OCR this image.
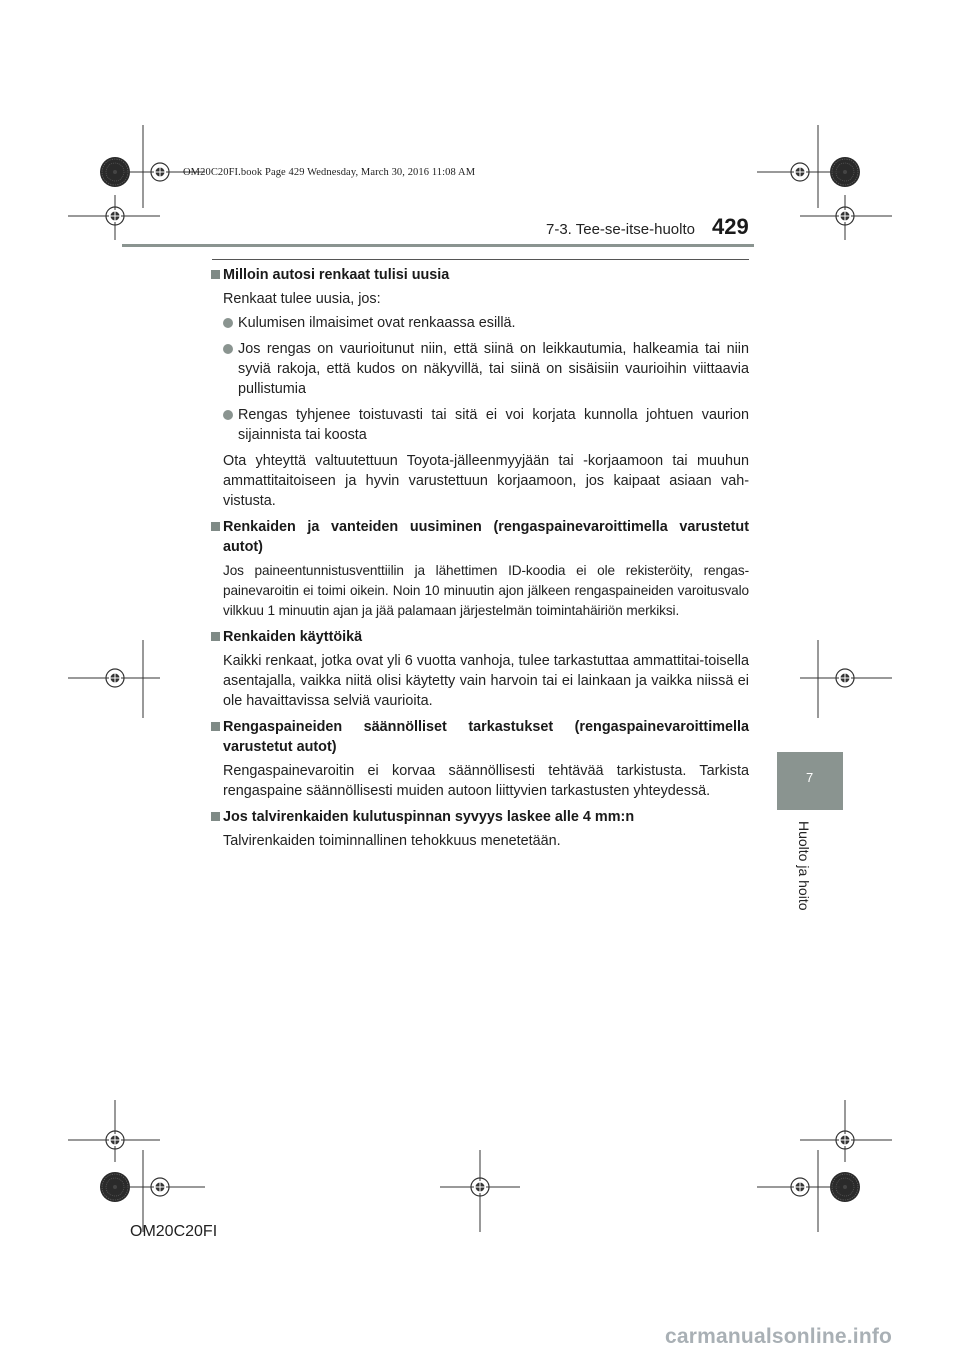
OM20C20FI.book Page 429 Wednesday, March 30, 2016 11:08 AM
7-3. Tee-se-itse-huolto 429
7
Huolto ja hoito
Milloin autosi renkaat tulisi uusia
Renkaat tulee uusia, jos:
Kulumisen ilmaisimet ovat renkaassa esillä.
Jos rengas on vaurioitunut niin, että siinä on leikkautumia, halkeamia tai niin syviä rakoja, että kudos on näkyvillä, tai siinä on sisäisiin vaurioihin viittaavia pullistumia
Rengas tyhjenee toistuvasti tai sitä ei voi korjata kunnolla johtuen vaurion sijainnista tai koosta
Ota yhteyttä valtuutettuun Toyota-jälleenmyyjään tai -korjaamoon tai muuhun ammattitaitoiseen ja hyvin varustettuun korjaamoon, jos kaipaat asiaan vah-vistusta.
Renkaiden ja vanteiden uusiminen (rengaspainevaroittimella varustetut autot)
Jos paineentunnistusventtiilin ja lähettimen ID-koodia ei ole rekisteröity, rengas-painevaroitin ei toimi oikein. Noin 10 minuutin ajon jälkeen rengaspaineiden varoitusvalo vilkkuu 1 minuutin ajan ja jää palamaan järjestelmän toimintahäiriön merkiksi.
Renkaiden käyttöikä
Kaikki renkaat, jotka ovat yli 6 vuotta vanhoja, tulee tarkastuttaa ammattitai-toisella asentajalla, vaikka niitä olisi käytetty vain harvoin tai ei lainkaan ja vaikka niissä ei ole havaittavissa selviä vaurioita.
Rengaspaineiden säännölliset tarkastukset (rengaspainevaroittimella varustetut autot)
Rengaspainevaroitin ei korvaa säännöllisesti tehtävää tarkistusta. Tarkista rengaspaine säännöllisesti muiden autoon liittyvien tarkastusten yhteydessä.
Jos talvirenkaiden kulutuspinnan syvyys laskee alle 4 mm:n
Talvirenkaiden toiminnallinen tehokkuus menetetään.
OM20C20FI
carmanualsonline.info
